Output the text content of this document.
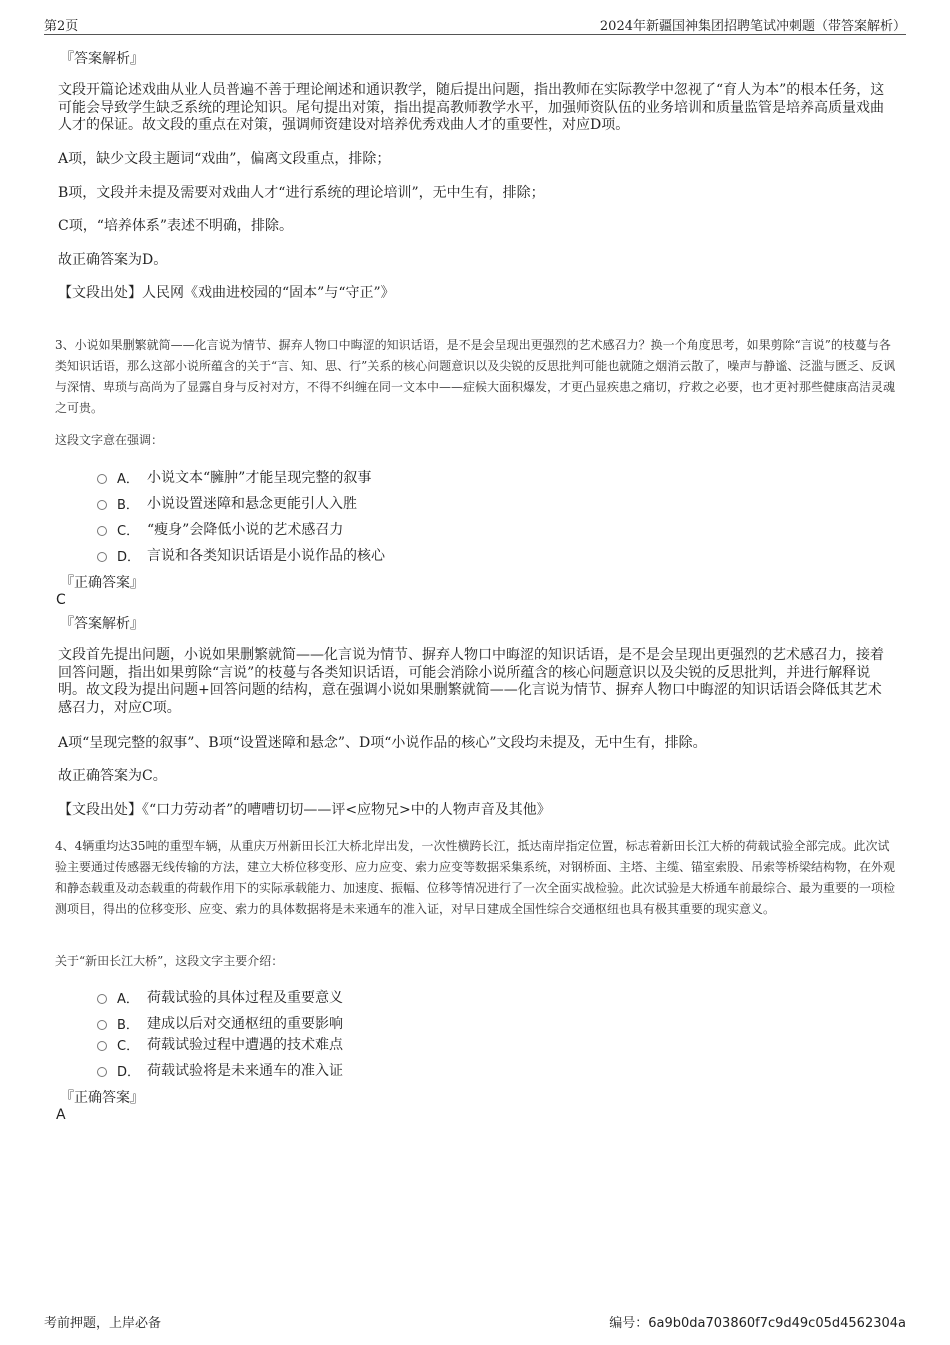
第2页	2024年新疆国神集团招聘笔试冲刺题（带答案解析）
『答案解析』
文段开篇论述戏曲从业人员普遍不善于理论阐述和通识教学，随后提出问题，指出教师在实际教学中忽视了“育人为本”的根本任务，这可能会导致学生缺乏系统的理论知识。尾句提出对策，指出提高教师教学水平，加强师资队伍的业务培训和质量监管是培养高质量戏曲人才的保证。故文段的重点在对策，强调师资建设对培养优秀戏曲人才的重要性，对应D项。
A项，缺少文段主题词“戏曲”，偏离文段重点，排除；
B项，文段并未提及需要对戏曲人才“进行系统的理论培训”，无中生有，排除；
C项，“培养体系”表述不明确，排除。
故正确答案为D。
【文段出处】人民网《戏曲进校园的“固本”与“守正”》
3、小说如果删繁就简——化言说为情节、摒弃人物口中晦涩的知识话语，是不是会呈现出更强烈的艺术感召力？换一个角度思考，如果剪除“言说”的枝蔓与各类知识话语，那么这部小说所蕴含的关于“言、知、思、行”关系的核心问题意识以及尖锐的反思批判可能也就随之烟消云散了，噪声与静谧、泛滥与匮乏、反讽与深情、卑琐与高尚为了显露自身与反衬对方，不得不纠缠在同一文本中——症候大面积爆发，才更凸显疾患之痛切，疗救之必要，也才更衬那些健康高洁灵魂之可贵。
这段文字意在强调：
A． 小说文本“臃肿”才能呈现完整的叙事
B． 小说设置迷障和悬念更能引人入胜
C． “瘦身”会降低小说的艺术感召力
D． 言说和各类知识话语是小说作品的核心
『正确答案』
C
『答案解析』
文段首先提出问题，小说如果删繁就简——化言说为情节、摒弃人物口中晦涩的知识话语，是不是会呈现出更强烈的艺术感召力，接着回答问题，指出如果剪除“言说”的枝蔓与各类知识话语，可能会消除小说所蕴含的核心问题意识以及尖锐的反思批判，并进行解释说明。故文段为提出问题+回答问题的结构，意在强调小说如果删繁就简——化言说为情节、摒弃人物口中晦涩的知识话语会降低其艺术感召力，对应C项。
A项“呈现完整的叙事”、B项“设置迷障和悬念”、D项“小说作品的核心”文段均未提及，无中生有，排除。
故正确答案为C。
【文段出处】《“口力劳动者”的嘈嘈切切——评<应物兄>中的人物声音及其他》
4、4辆重均达35吨的重型车辆，从重庆万州新田长江大桥北岸出发，一次性横跨长江，抵达南岸指定位置，标志着新田长江大桥的荷载试验全部完成。此次试验主要通过传感器无线传输的方法，建立大桥位移变形、应力应变、索力应变等数据采集系统，对钢桥面、主塔、主缆、锚室索股、吊索等桥梁结构物，在外观和静态载重及动态载重的荷载作用下的实际承载能力、加速度、振幅、位移等情况进行了一次全面实战检验。此次试验是大桥通车前最综合、最为重要的一项检测项目，得出的位移变形、应变、索力的具体数据将是未来通车的准入证，对早日建成全国性综合交通枢纽也具有极其重要的现实意义。
关于“新田长江大桥”，这段文字主要介绍：
A． 荷载试验的具体过程及重要意义
B． 建成以后对交通枢纽的重要影响
C． 荷载试验过程中遭遇的技术难点
D． 荷载试验将是未来通车的准入证
『正确答案』
A
考前押题，上岸必备	编号：6a9b0da703860f7c9d49c05d4562304a
